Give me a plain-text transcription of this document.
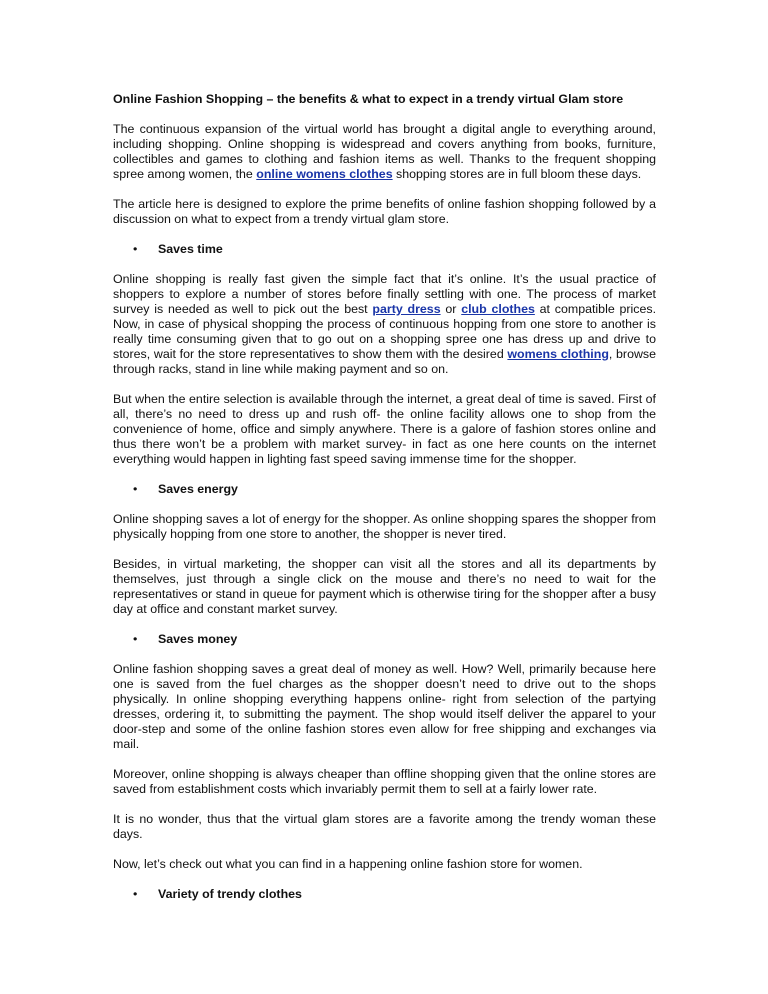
Online Fashion Shopping – the benefits & what to expect in a trendy virtual Glam store

The continuous expansion of the virtual world has brought a digital angle to everything around, including shopping. Online shopping is widespread and covers anything from books, furniture, collectibles and games to clothing and fashion items as well. Thanks to the frequent shopping spree among women, the online womens clothes shopping stores are in full bloom these days.

The article here is designed to explore the prime benefits of online fashion shopping followed by a discussion on what to expect from a trendy virtual glam store.

•	Saves time

Online shopping is really fast given the simple fact that it’s online. It’s the usual practice of shoppers to explore a number of stores before finally settling with one. The process of market survey is needed as well to pick out the best party dress or club clothes at compatible prices. Now, in case of physical shopping the process of continuous hopping from one store to another is really time consuming given that to go out on a shopping spree one has dress up and drive to stores, wait for the store representatives to show them with the desired womens clothing, browse through racks, stand in line while making payment and so on.

But when the entire selection is available through the internet, a great deal of time is saved. First of all, there’s no need to dress up and rush off- the online facility allows one to shop from the convenience of home, office and simply anywhere. There is a galore of fashion stores online and thus there won’t be a problem with market survey- in fact as one here counts on the internet everything would happen in lighting fast speed saving immense time for the shopper.

•	Saves energy

Online shopping saves a lot of energy for the shopper. As online shopping spares the shopper from physically hopping from one store to another, the shopper is never tired.

Besides, in virtual marketing, the shopper can visit all the stores and all its departments by themselves, just through a single click on the mouse and there’s no need to wait for the representatives or stand in queue for payment which is otherwise tiring for the shopper after a busy day at office and constant market survey.

•	Saves money

Online fashion shopping saves a great deal of money as well. How? Well, primarily because here one is saved from the fuel charges as the shopper doesn’t need to drive out to the shops physically. In online shopping everything happens online- right from selection of the partying dresses, ordering it, to submitting the payment. The shop would itself deliver the apparel to your door-step and some of the online fashion stores even allow for free shipping and exchanges via mail.

Moreover, online shopping is always cheaper than offline shopping given that the online stores are saved from establishment costs which invariably permit them to sell at a fairly lower rate.

It is no wonder, thus that the virtual glam stores are a favorite among the trendy woman these days.

Now, let’s check out what you can find in a happening online fashion store for women.

•	Variety of trendy clothes
